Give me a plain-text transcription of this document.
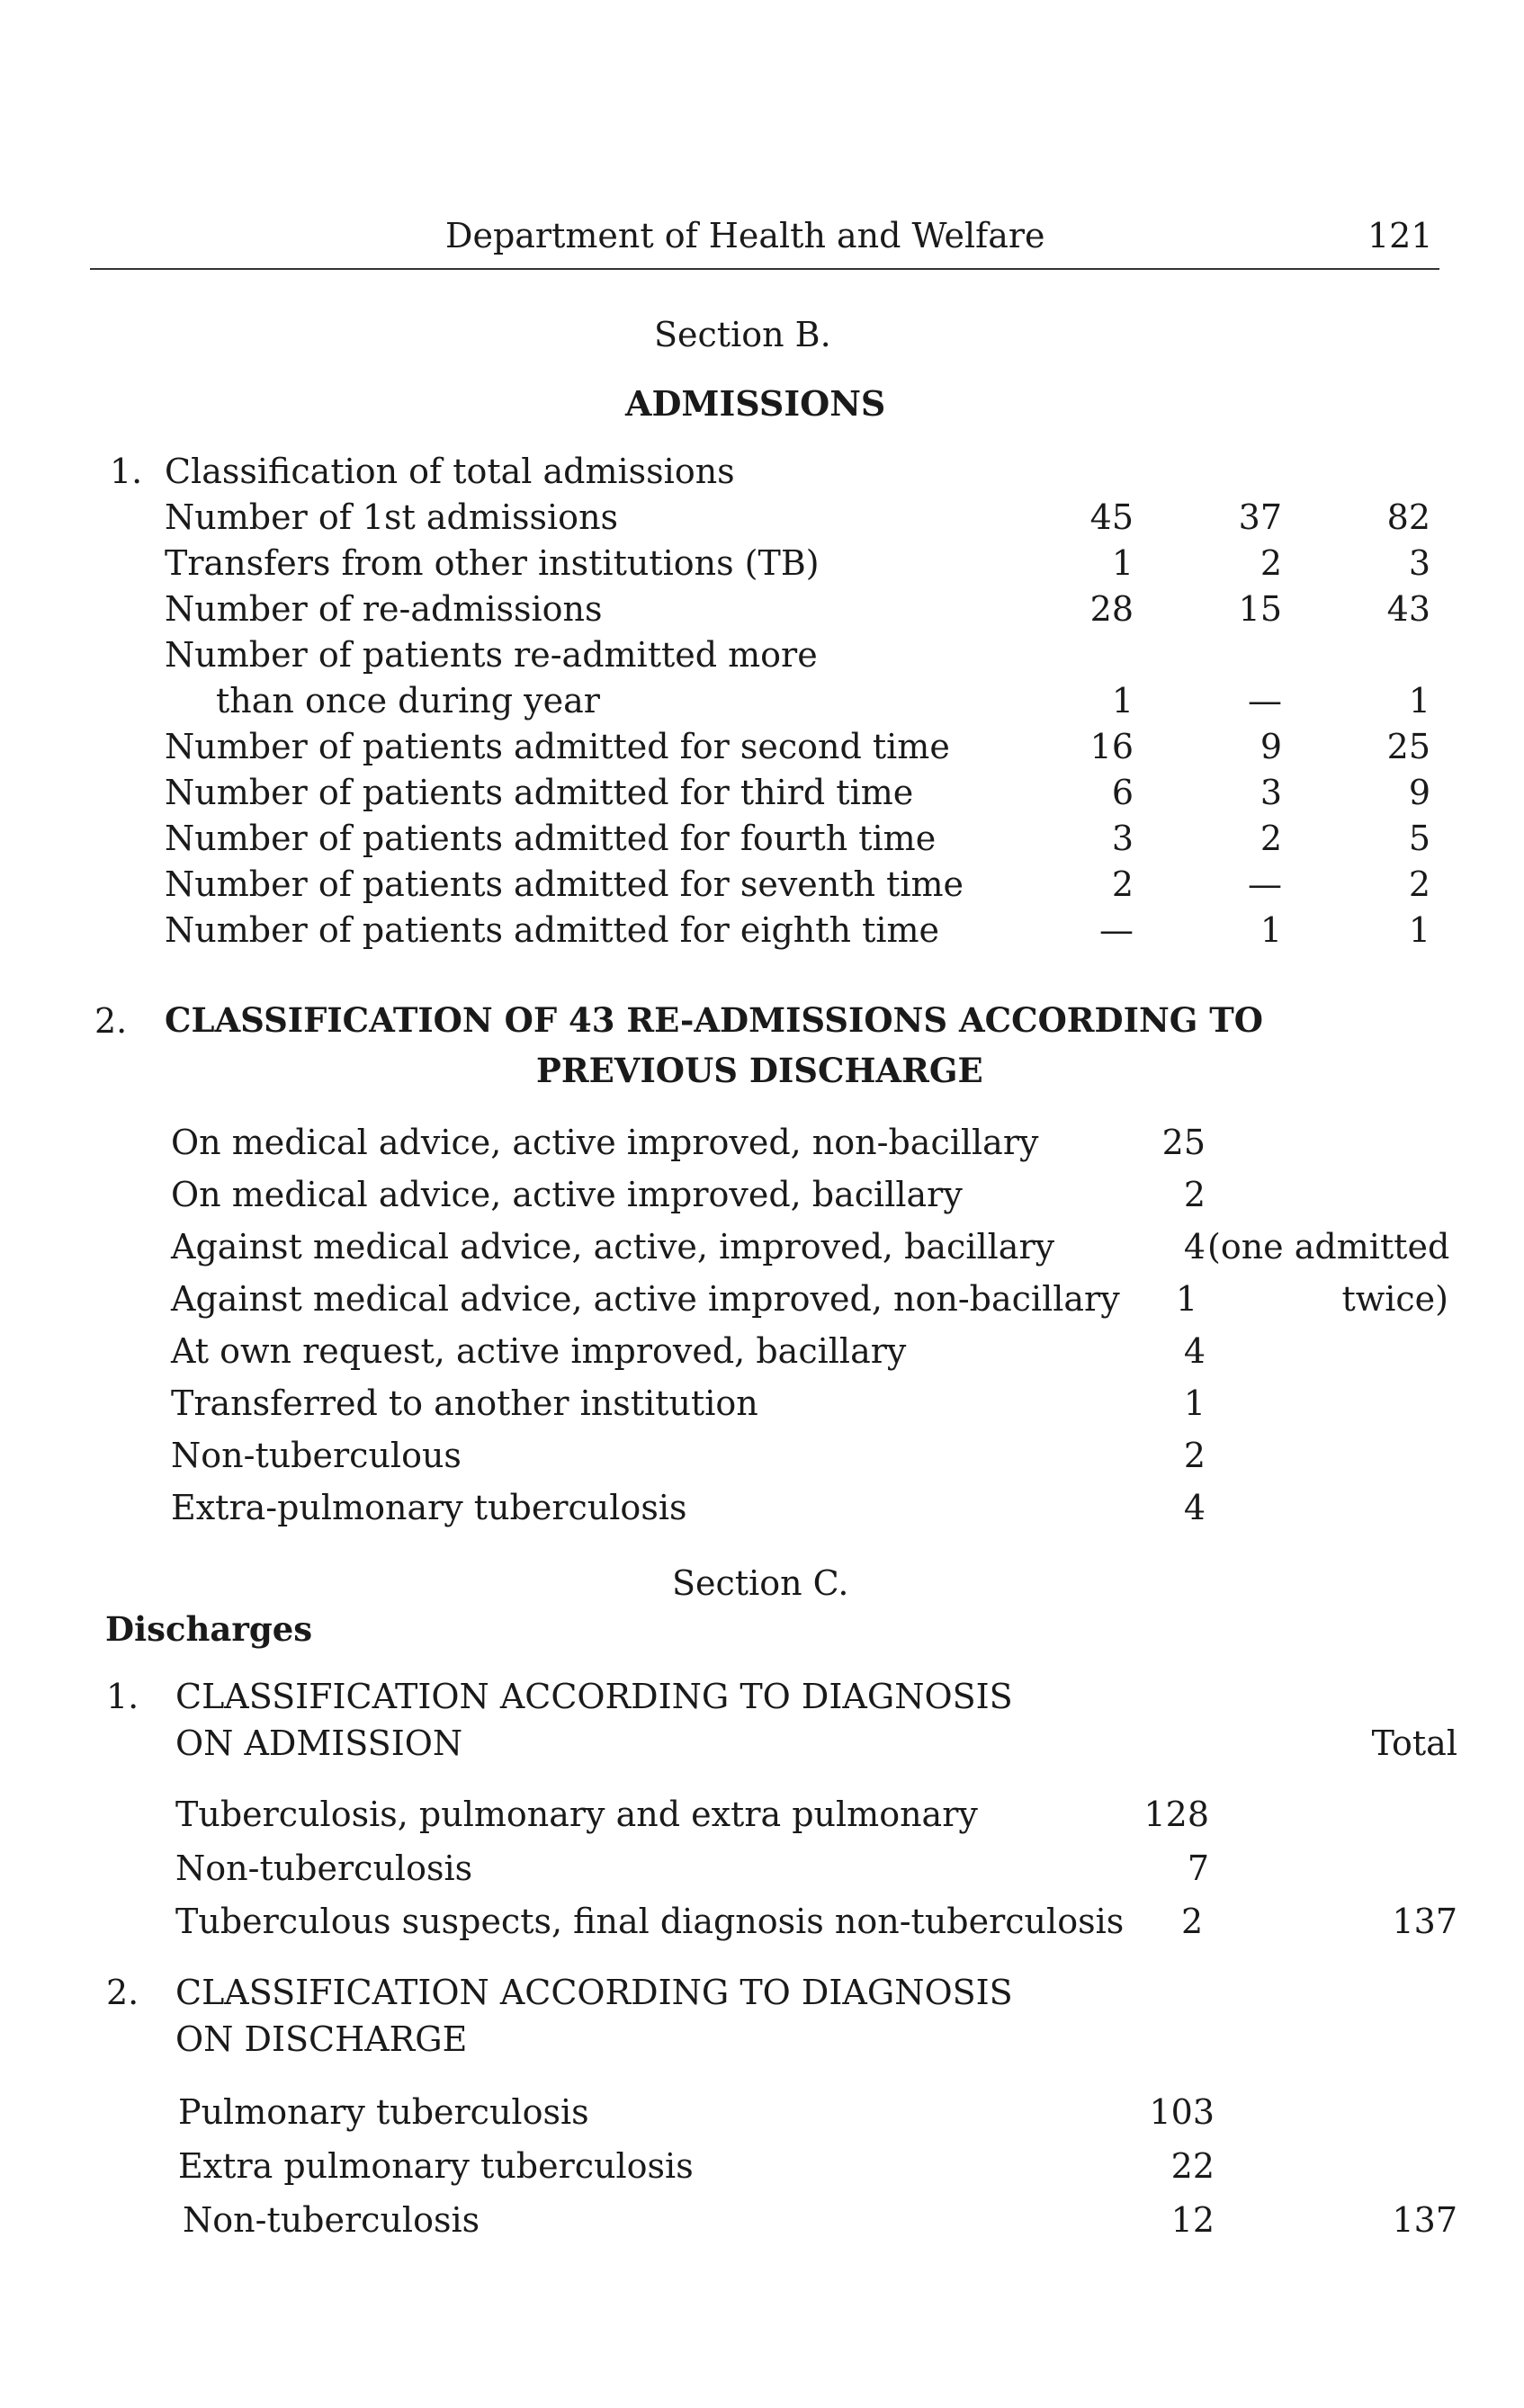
Department of Health and Welfare	121
Section B.
ADMISSIONS
1. Classification of total admissions
Number of 1st admissions	45	37	82
Transfers from other institutions (TB)	1	2	3
Number of re-admissions	28	15	43
Number of patients re-admitted more
than once during year	1	—	1
Number of patients admitted for second time	16	9	25
Number of patients admitted for third time	6	3	9
Number of patients admitted for fourth time	3	2	5
Number of patients admitted for seventh time	2	—	2
Number of patients admitted for eighth time	—	1	1
2. CLASSIFICATION OF 43 RE-ADMISSIONS ACCORDING TO
PREVIOUS DISCHARGE
On medical advice, active improved, non-bacillary	25
On medical advice, active improved, bacillary	2
Against medical advice, active, improved, bacillary	4 (one admitted
Against medical advice, active improved, non-bacillary 1	twice)
At own request, active improved, bacillary	4
Transferred to another institution	1
Non-tuberculous	2
Extra-pulmonary tuberculosis	4
Section C.
Discharges
1. CLASSIFICATION ACCORDING TO DIAGNOSIS
ON ADMISSION	Total
Tuberculosis, pulmonary and extra pulmonary	128
Non-tuberculosis	7
Tuberculous suspects, final diagnosis non-tuberculosis 2	137
2. CLASSIFICATION ACCORDING TO DIAGNOSIS
ON DISCHARGE
Pulmonary tuberculosis	103
Extra pulmonary tuberculosis	22
Non-tuberculosis	12	137
